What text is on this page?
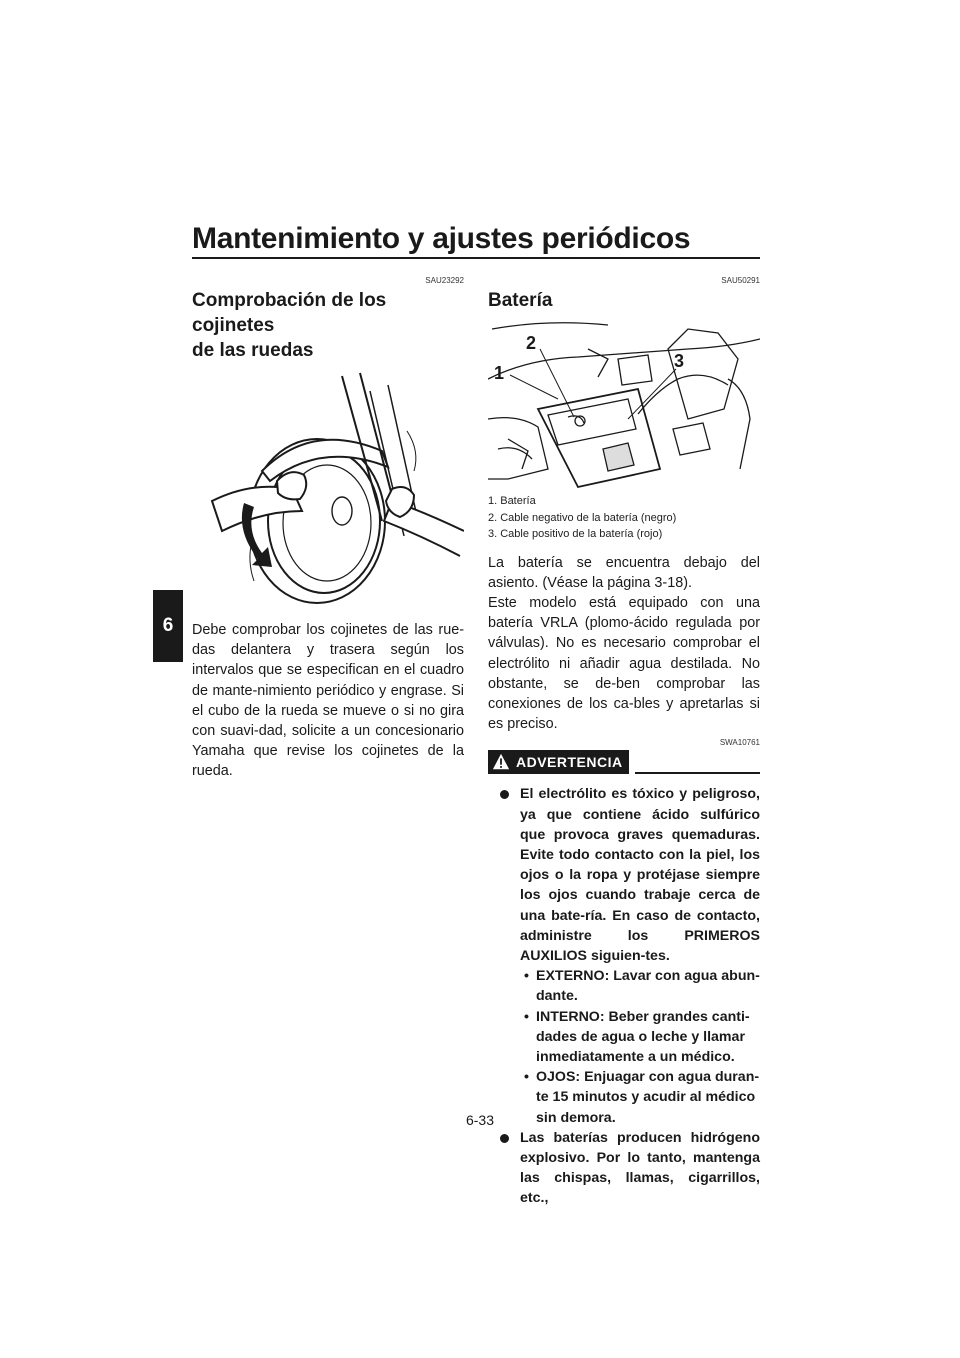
Mantenimiento y ajustes periódicos
6
SAU23292
Comprobación de los cojinetes
de las ruedas

Debe comprobar los cojinetes de las rue-das delantera y trasera según los intervalos que se especifican en el cuadro de mante-nimiento periódico y engrase. Si el cubo de la rueda se mueve o si no gira con suavi-dad, solicite a un concesionario Yamaha que revise los cojinetes de la rueda.

SAU50291
Batería
1
2
3
1. Batería
2. Cable negativo de la batería (negro)
3. Cable positivo de la batería (rojo)

La batería se encuentra debajo del asiento. (Véase la página 3-18).

Este modelo está equipado con una batería VRLA (plomo-ácido regulada por válvulas). No es necesario comprobar el electrólito ni añadir agua destilada. No obstante, se de-ben comprobar las conexiones de los ca-bles y apretarlas si es preciso.

SWA10761
ADVERTENCIA
El electrólito es tóxico y peligroso, ya que contiene ácido sulfúrico que provoca graves quemaduras. Evite todo contacto con la piel, los ojos o la ropa y protéjase siempre los ojos cuando trabaje cerca de una bate-ría. En caso de contacto, administre los PRIMEROS AUXILIOS siguien-tes.
• EXTERNO: Lavar con agua abun-dante.
• INTERNO: Beber grandes canti-dades de agua o leche y llamar inmediatamente a un médico.
• OJOS: Enjuagar con agua duran-te 15 minutos y acudir al médico sin demora.
Las baterías producen hidrógeno explosivo. Por lo tanto, mantenga las chispas, llamas, cigarrillos, etc.,
6-33
